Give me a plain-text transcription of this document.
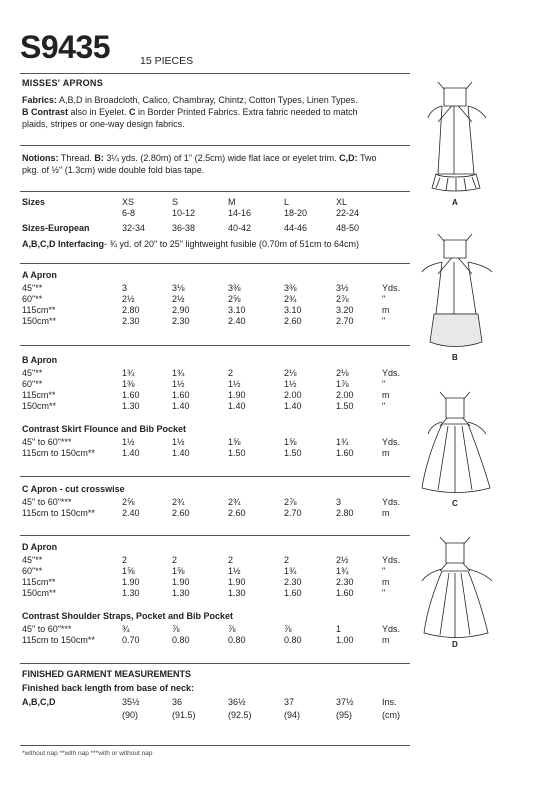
S9435	15 PIECES
MISSES' APRONS
Fabrics: A,B,D in Broadcloth, Calico, Chambray, Chintz, Cotton Types, Linen Types.
B Contrast also in Eyelet. C in Border Printed Fabrics. Extra fabric needed to match
plaids, stripes or one-way design fabrics.
Notions: Thread. B: 3¼ yds. (2.80m) of 1" (2.5cm) wide flat lace or eyelet trim. C,D: Two
pkg. of ½" (1.3cm) wide double fold bias tape.
Sizes	XS	S	M	L	XL
6-8	10-12	14-16	18-20	22-24
Sizes-European	32-34	36-38	40-42	44-46	48-50
A,B,C,D Interfacing - ¾ yd. of 20" to 25" lightweight fusible (0.70m of 51cm to 64cm)
A Apron
B Apron
Contrast Skirt Flounce and Bib Pocket
C Apron - cut crosswise
D Apron
Contrast Shoulder Straps, Pocket and Bib Pocket
FINISHED GARMENT MEASUREMENTS
Finished back length from base of neck:
A,B,C,D	35½	36	36½	37	37½	Ins.
(90)	(91.5)	(92.5)	(94)	(95)	(cm)
*without nap **with nap ***with or without nap
A
B
C
D
45"**	3	3⅛	3⅜	3⅜	3½	Yds.
60"**	2½	2½	2⅝	2¾	2⅞	"
115cm**	2.80	2.90	3.10	3.10	3.20	m
150cm**	2.30	2.30	2.40	2.60	2.70	"
45"**	1¾	1¾	2	2⅛	2⅛	Yds.
60"**	1⅜	1½	1½	1½	1⅞	"
115cm**	1.60	1.60	1.90	2.00	2.00	m
150cm**	1.30	1.40	1.40	1.40	1.50	"
45" to 60"***	1½	1½	1⅝	1⅝	1¾	Yds.
115cm to 150cm**	1.40	1.40	1.50	1.50	1.60	m
45" to 60"***	2⅝	2¾	2¾	2⅞	3	Yds.
115cm to 150cm**	2.40	2.60	2.60	2.70	2.80	m
45"**	2	2	2	2	2½	Yds.
60"**	1⅝	1⅝	1½	1¾	1¾	"
115cm**	1.90	1.90	1.90	2.30	2.30	m
150cm**	1.30	1.30	1.30	1.60	1.60	"
45" to 60"***	¾	⅞	⅞	⅞	1	Yds.
115cm to 150cm**	0.70	0.80	0.80	0.80	1.00	m
